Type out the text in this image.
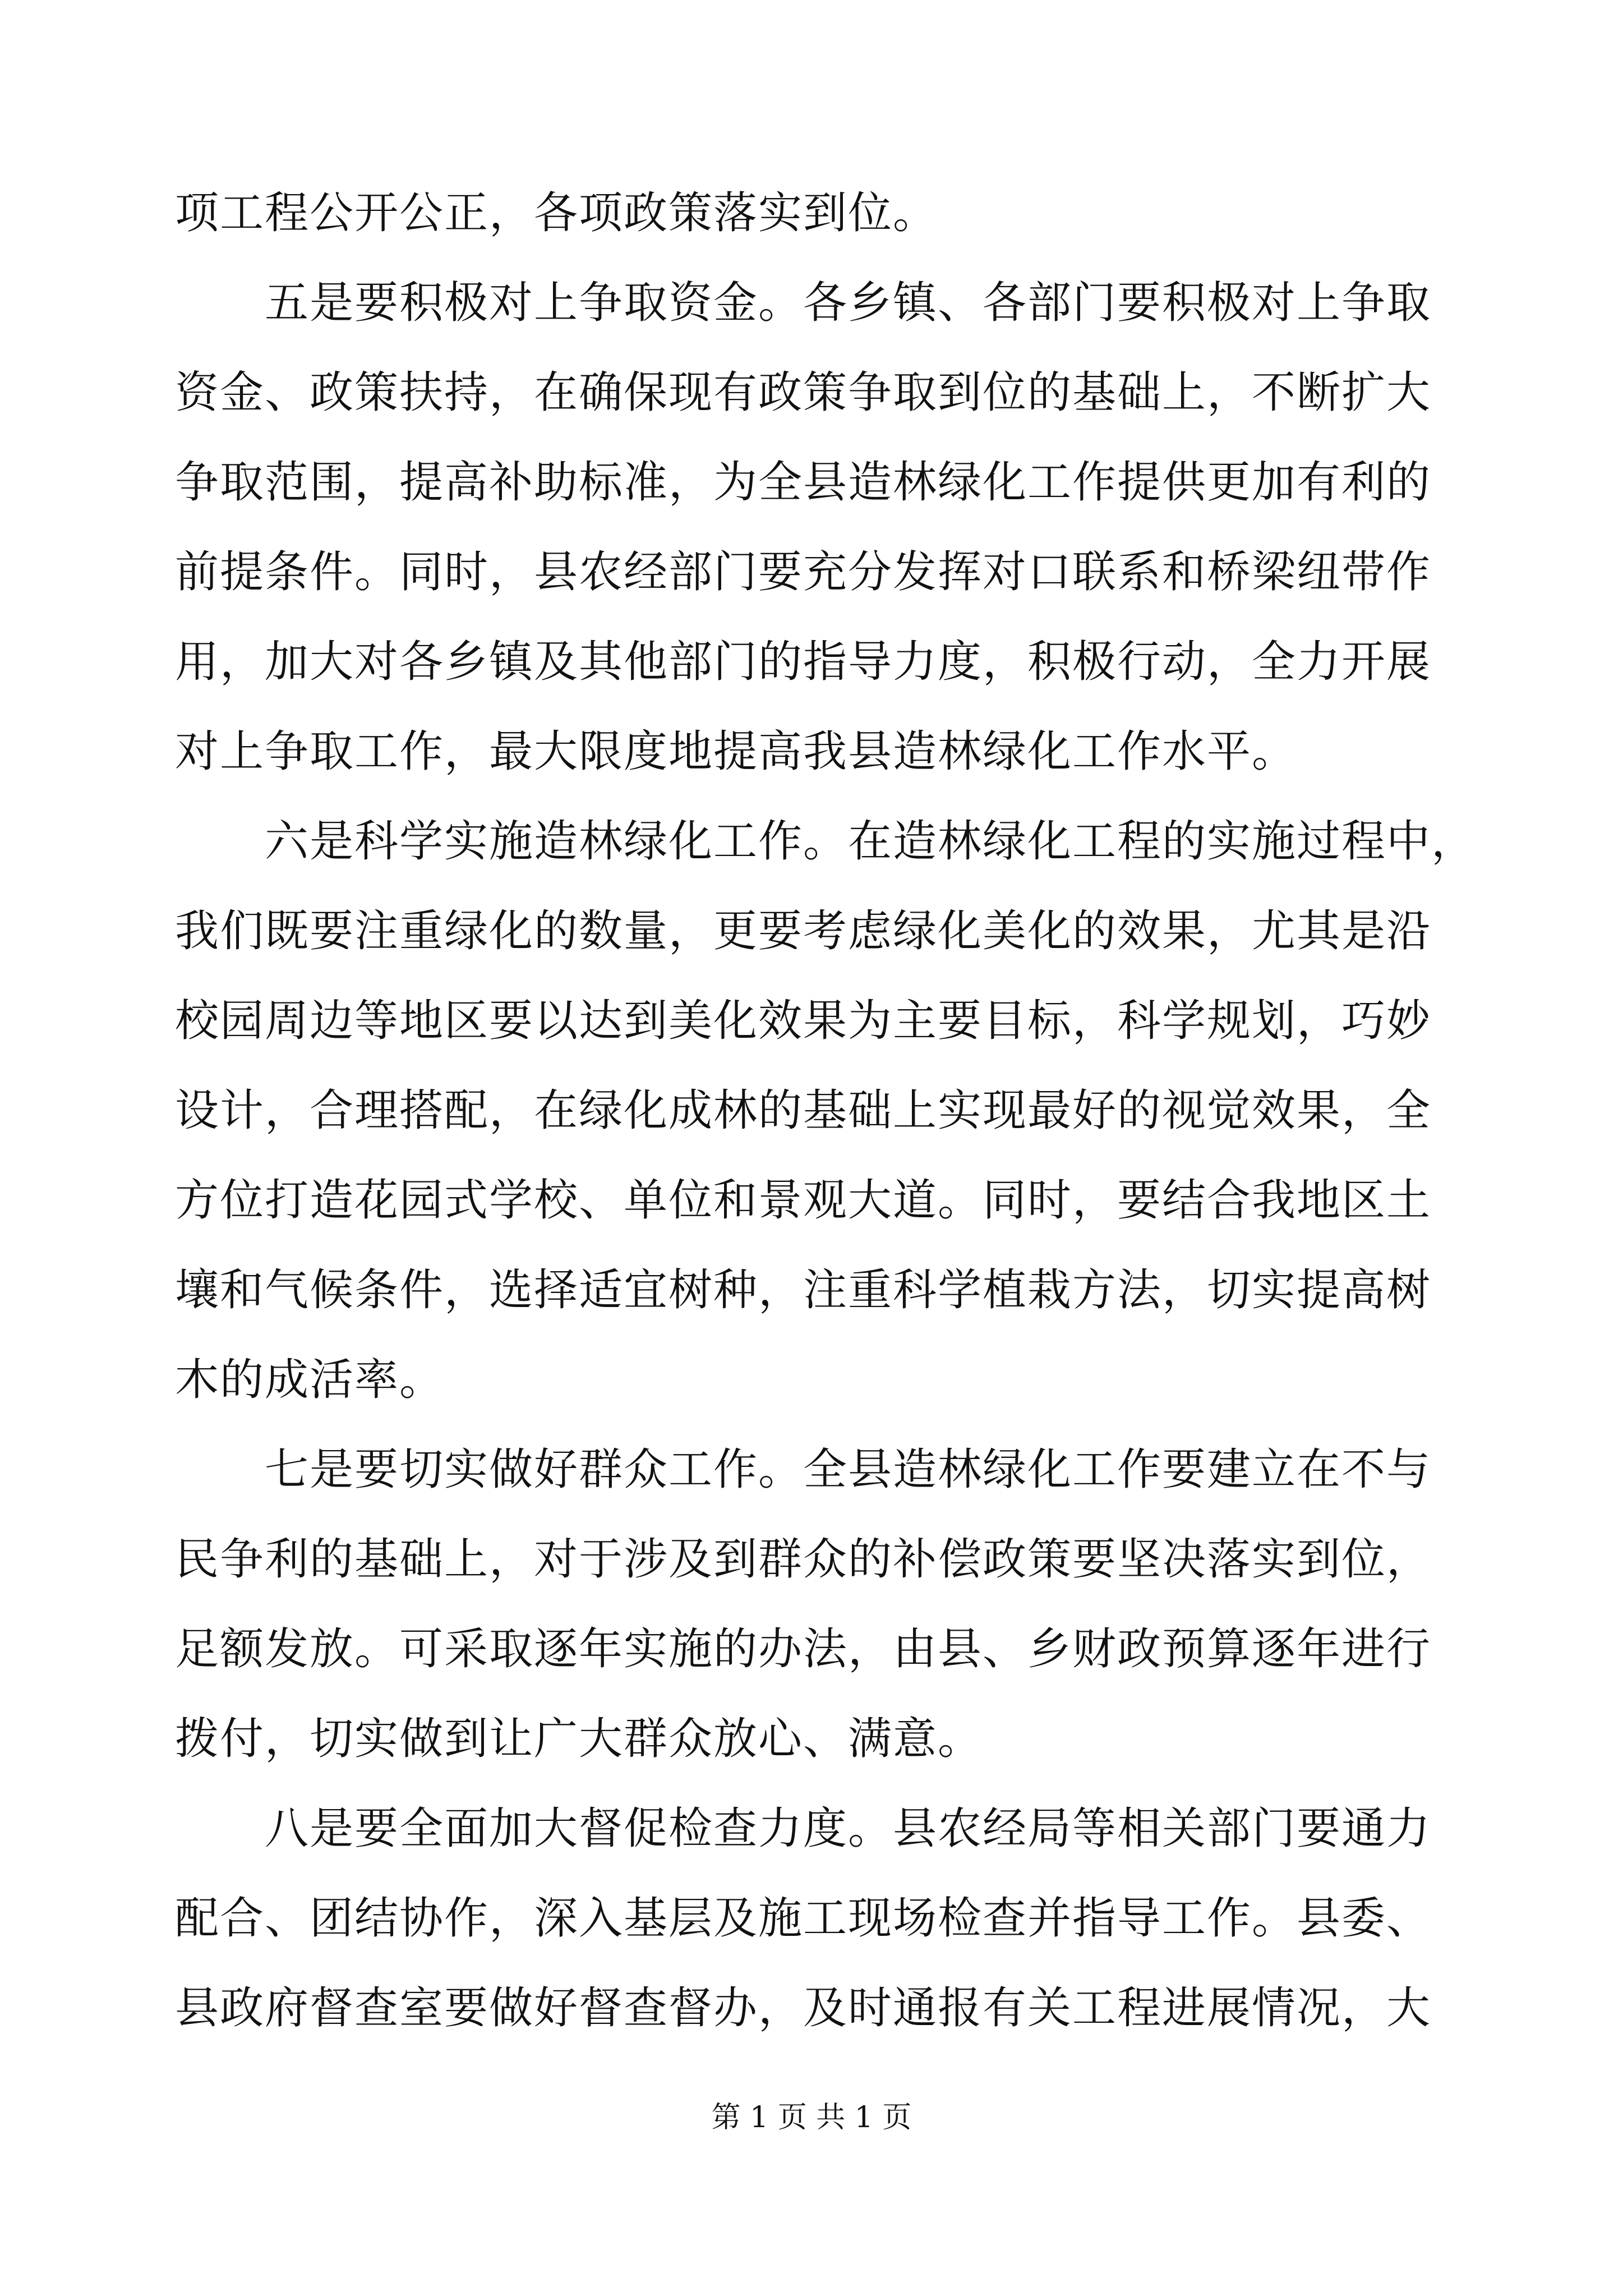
项工程公开公正，各项政策落实到位。
五是要积极对上争取资金。各乡镇、各部门要积极对上争取
资金、政策扶持，在确保现有政策争取到位的基础上，不断扩大
争取范围，提高补助标准，为全县造林绿化工作提供更加有利的
前提条件。同时，县农经部门要充分发挥对口联系和桥梁纽带作
用，加大对各乡镇及其他部门的指导力度，积极行动，全力开展
对上争取工作，最大限度地提高我县造林绿化工作水平。
六是科学实施造林绿化工作。在造林绿化工程的实施过程中，
我们既要注重绿化的数量，更要考虑绿化美化的效果，尤其是沿
校园周边等地区要以达到美化效果为主要目标，科学规划，巧妙
设计，合理搭配，在绿化成林的基础上实现最好的视觉效果，全
方位打造花园式学校、单位和景观大道。同时，要结合我地区土
壤和气候条件，选择适宜树种，注重科学植栽方法，切实提高树
木的成活率。
七是要切实做好群众工作。全县造林绿化工作要建立在不与
民争利的基础上，对于涉及到群众的补偿政策要坚决落实到位，
足额发放。可采取逐年实施的办法，由县、乡财政预算逐年进行
拨付，切实做到让广大群众放心、满意。
八是要全面加大督促检查力度。县农经局等相关部门要通力
配合、团结协作，深入基层及施工现场检查并指导工作。县委、
县政府督查室要做好督查督办，及时通报有关工程进展情况，大
第 1 页 共 1 页
